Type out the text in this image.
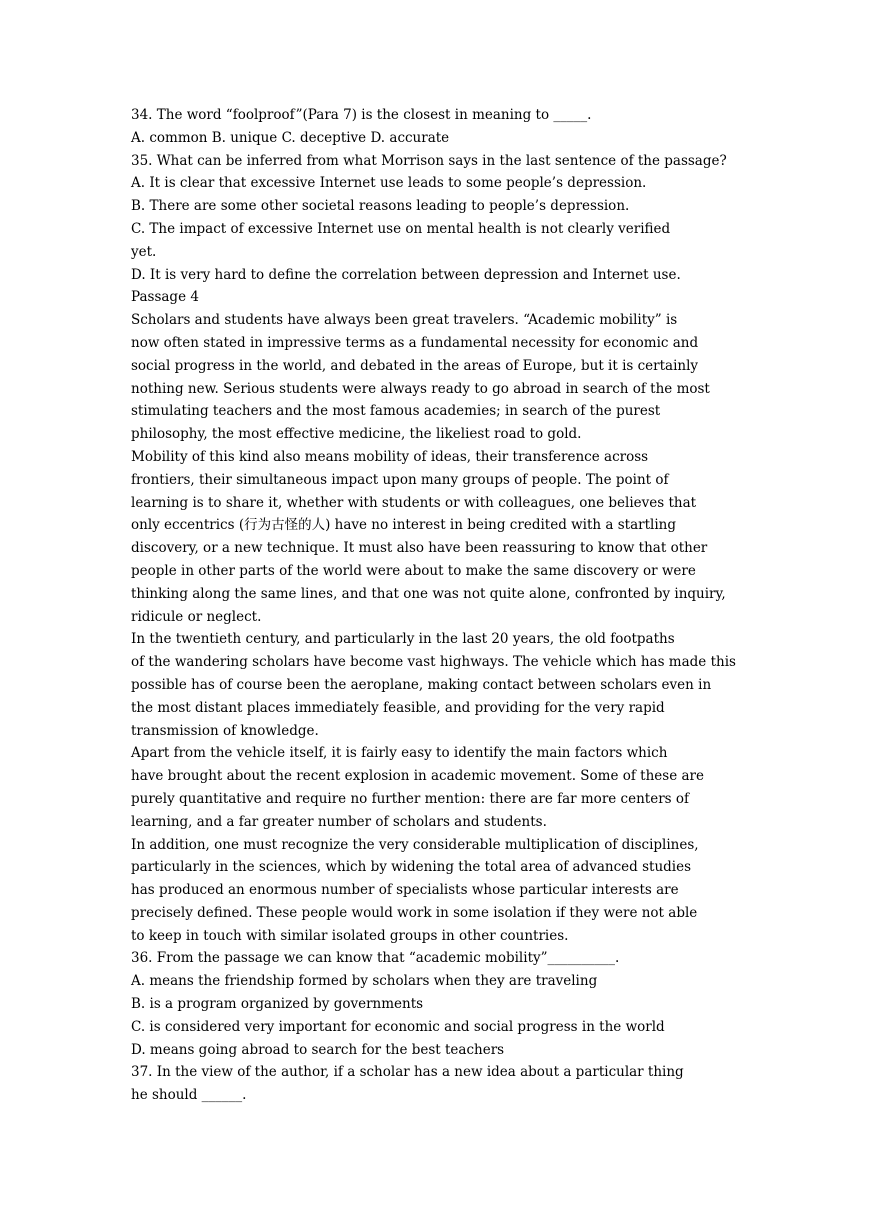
34. The word “foolproof”(Para 7) is the closest in meaning to _____.
A. common B. unique C. deceptive D. accurate
35. What can be inferred from what Morrison says in the last sentence of the passage?
A. It is clear that excessive Internet use leads to some people’s depression.
B. There are some other societal reasons leading to people’s depression.
C. The impact of excessive Internet use on mental health is not clearly verified
yet.
D. It is very hard to define the correlation between depression and Internet use.
Passage 4
Scholars and students have always been great travelers. “Academic mobility” is
now often stated in impressive terms as a fundamental necessity for economic and
social progress in the world, and debated in the areas of Europe, but it is certainly
nothing new. Serious students were always ready to go abroad in search of the most
stimulating teachers and the most famous academies; in search of the purest
philosophy, the most effective medicine, the likeliest road to gold.
Mobility of this kind also means mobility of ideas, their transference across
frontiers, their simultaneous impact upon many groups of people. The point of
learning is to share it, whether with students or with colleagues, one believes that
only eccentrics (行为古怪的人) have no interest in being credited with a startling
discovery, or a new technique. It must also have been reassuring to know that other
people in other parts of the world were about to make the same discovery or were
thinking along the same lines, and that one was not quite alone, confronted by inquiry,
ridicule or neglect.
In the twentieth century, and particularly in the last 20 years, the old footpaths
of the wandering scholars have become vast highways. The vehicle which has made this
possible has of course been the aeroplane, making contact between scholars even in
the most distant places immediately feasible, and providing for the very rapid
transmission of knowledge.
Apart from the vehicle itself, it is fairly easy to identify the main factors which
have brought about the recent explosion in academic movement. Some of these are
purely quantitative and require no further mention: there are far more centers of
learning, and a far greater number of scholars and students.
In addition, one must recognize the very considerable multiplication of disciplines,
particularly in the sciences, which by widening the total area of advanced studies
has produced an enormous number of specialists whose particular interests are
precisely defined. These people would work in some isolation if they were not able
to keep in touch with similar isolated groups in other countries.
36. From the passage we can know that “academic mobility”__________.
A. means the friendship formed by scholars when they are traveling
B. is a program organized by governments
C. is considered very important for economic and social progress in the world
D. means going abroad to search for the best teachers
37. In the view of the author, if a scholar has a new idea about a particular thing
he should ______.
